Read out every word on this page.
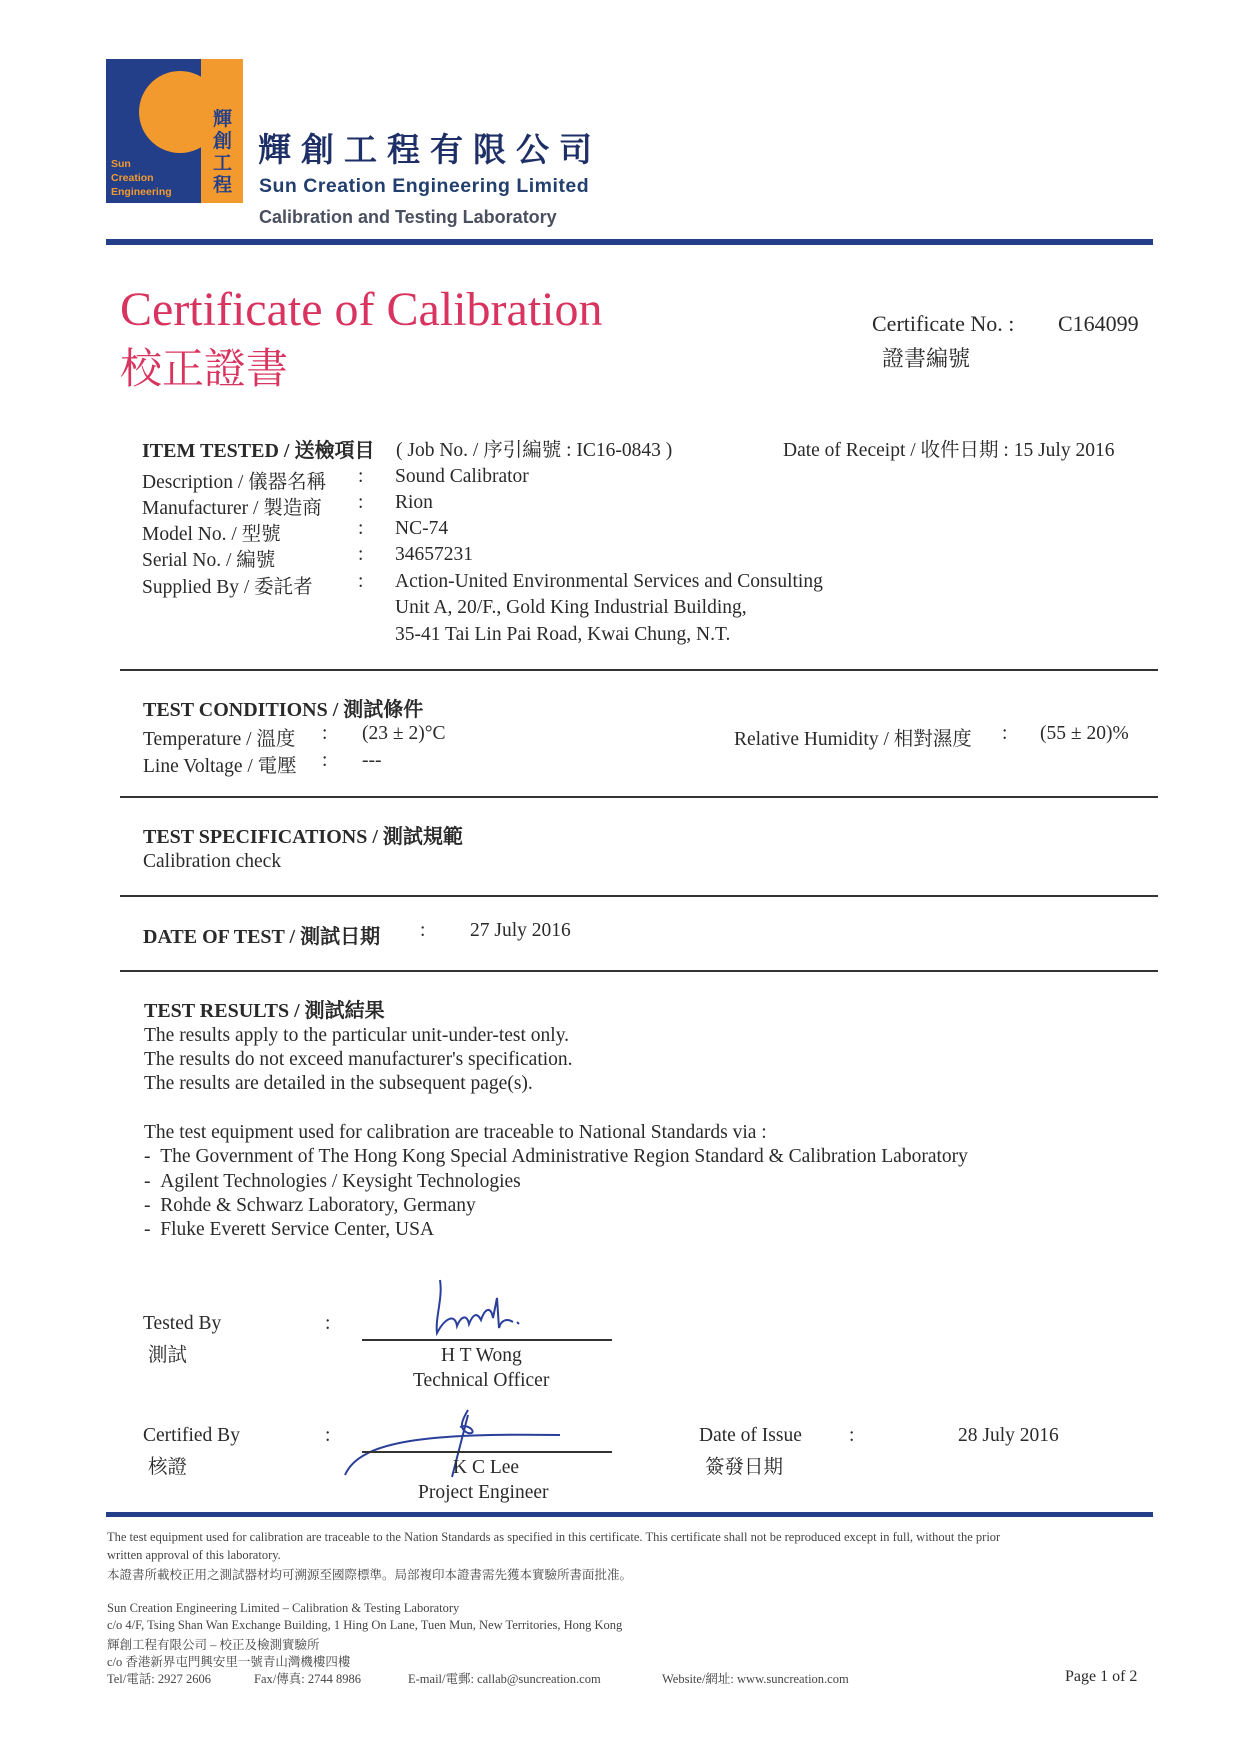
Sun
Creation
Engineering
輝創工程
輝創工程有限公司
Sun Creation Engineering Limited
Calibration and Testing Laboratory
Certificate of Calibration
校正證書
Certificate No. :
證書編號
C164099
ITEM TESTED / 送檢項目 ( Job No. / 序引編號 : IC16-0843 )	Date of Receipt / 收件日期 : 15 July 2016
Description / 儀器名稱 : Sound Calibrator
Manufacturer / 製造商 : Rion
Model No. / 型號	: NC-74
Serial No. / 編號	: 34657231
Supplied By / 委託者 : Action-United Environmental Services and Consulting
Unit A, 20/F., Gold King Industrial Building,
35-41 Tai Lin Pai Road, Kwai Chung, N.T.
TEST CONDITIONS / 測試條件
Temperature / 溫度 : (23 ± 2)°C
Line Voltage / 電壓 : ---
Relative Humidity / 相對濕度 : (55 ± 20)%
TEST SPECIFICATIONS / 測試規範
Calibration check
DATE OF TEST / 測試日期 : 27 July 2016
TEST RESULTS / 測試結果
The results apply to the particular unit-under-test only.
The results do not exceed manufacturer's specification.
The results are detailed in the subsequent page(s).
The test equipment used for calibration are traceable to National Standards via :
-  The Government of The Hong Kong Special Administrative Region Standard & Calibration Laboratory
-  Agilent Technologies / Keysight Technologies
-  Rohde & Schwarz Laboratory, Germany
-  Fluke Everett Service Center, USA
Tested By
測試
:
H T Wong
Technical Officer
Certified By
核證
:
K C Lee
Project Engineer
Date of Issue
簽發日期
:	28 July 2016
The test equipment used for calibration are traceable to the Nation Standards as specified in this certificate. This certificate shall not be reproduced except in full, without the prior
written approval of this laboratory.
本證書所載校正用之測試器材均可溯源至國際標準。局部複印本證書需先獲本實驗所書面批准。
Sun Creation Engineering Limited – Calibration & Testing Laboratory
c/o 4/F, Tsing Shan Wan Exchange Building, 1 Hing On Lane, Tuen Mun, New Territories, Hong Kong
輝創工程有限公司 – 校正及檢測實驗所
c/o 香港新界屯門興安里一號青山灣機樓四樓
Tel/電話: 2927 2606	Fax/傳真: 2744 8986	E-mail/電郵: callab@suncreation.com	Website/網址: www.suncreation.com	Page 1 of 2
